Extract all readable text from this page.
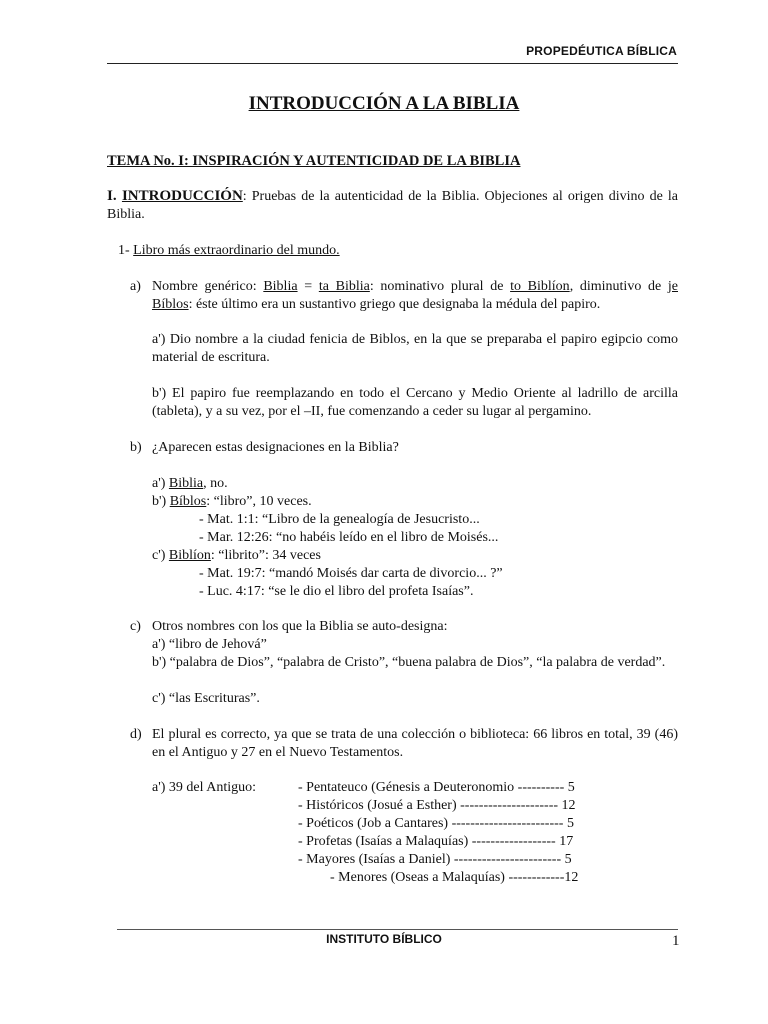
PROPEDÉUTICA BÍBLICA
INTRODUCCIÓN A LA BIBLIA
TEMA No. I: INSPIRACIÓN Y AUTENTICIDAD DE LA BIBLIA
I. INTRODUCCIÓN: Pruebas de la autenticidad de la Biblia. Objeciones al origen divino de la Biblia.
1- Libro más extraordinario del mundo.
a) Nombre genérico: Biblia = ta Biblia: nominativo plural de to Biblíon, diminutivo de je Bíblos: éste último era un sustantivo griego que designaba la médula del papiro.
a') Dio nombre a la ciudad fenicia de Biblos, en la que se preparaba el papiro egipcio como material de escritura.
b') El papiro fue reemplazando en todo el Cercano y Medio Oriente al ladrillo de arcilla (tableta), y a su vez, por el –II, fue comenzando a ceder su lugar al pergamino.
b) ¿Aparecen estas designaciones en la Biblia?
a') Biblia, no.
b') Bíblos: “libro”, 10 veces.
- Mat. 1:1: “Libro de la genealogía de Jesucristo...
- Mar. 12:26: “no habéis leído en el libro de Moisés...
c') Biblíon: “librito”: 34 veces
- Mat. 19:7: “mandó Moisés dar carta de divorcio... ?”
- Luc. 4:17: “se le dio el libro del profeta Isaías”.
c) Otros nombres con los que la Biblia se auto-designa:
a') “libro de Jehová”
b') “palabra de Dios”, “palabra de Cristo”, “buena palabra de Dios”, “la palabra de verdad”.
c') “las Escrituras”.
d) El plural es correcto, ya que se trata de una colección o biblioteca: 66 libros en total, 39 (46) en el Antiguo y 27 en el Nuevo Testamentos.
a') 39 del Antiguo:	- Pentateuco (Génesis a Deuteronomio ---------- 5
- Históricos (Josué a Esther) --------------------- 12
- Poéticos (Job a Cantares) ------------------------ 5
- Profetas (Isaías a Malaquías) ------------------ 17
- Mayores (Isaías a Daniel) ----------------------- 5
- Menores (Oseas a Malaquías) ------------12
INSTITUTO BÍBLICO	1
